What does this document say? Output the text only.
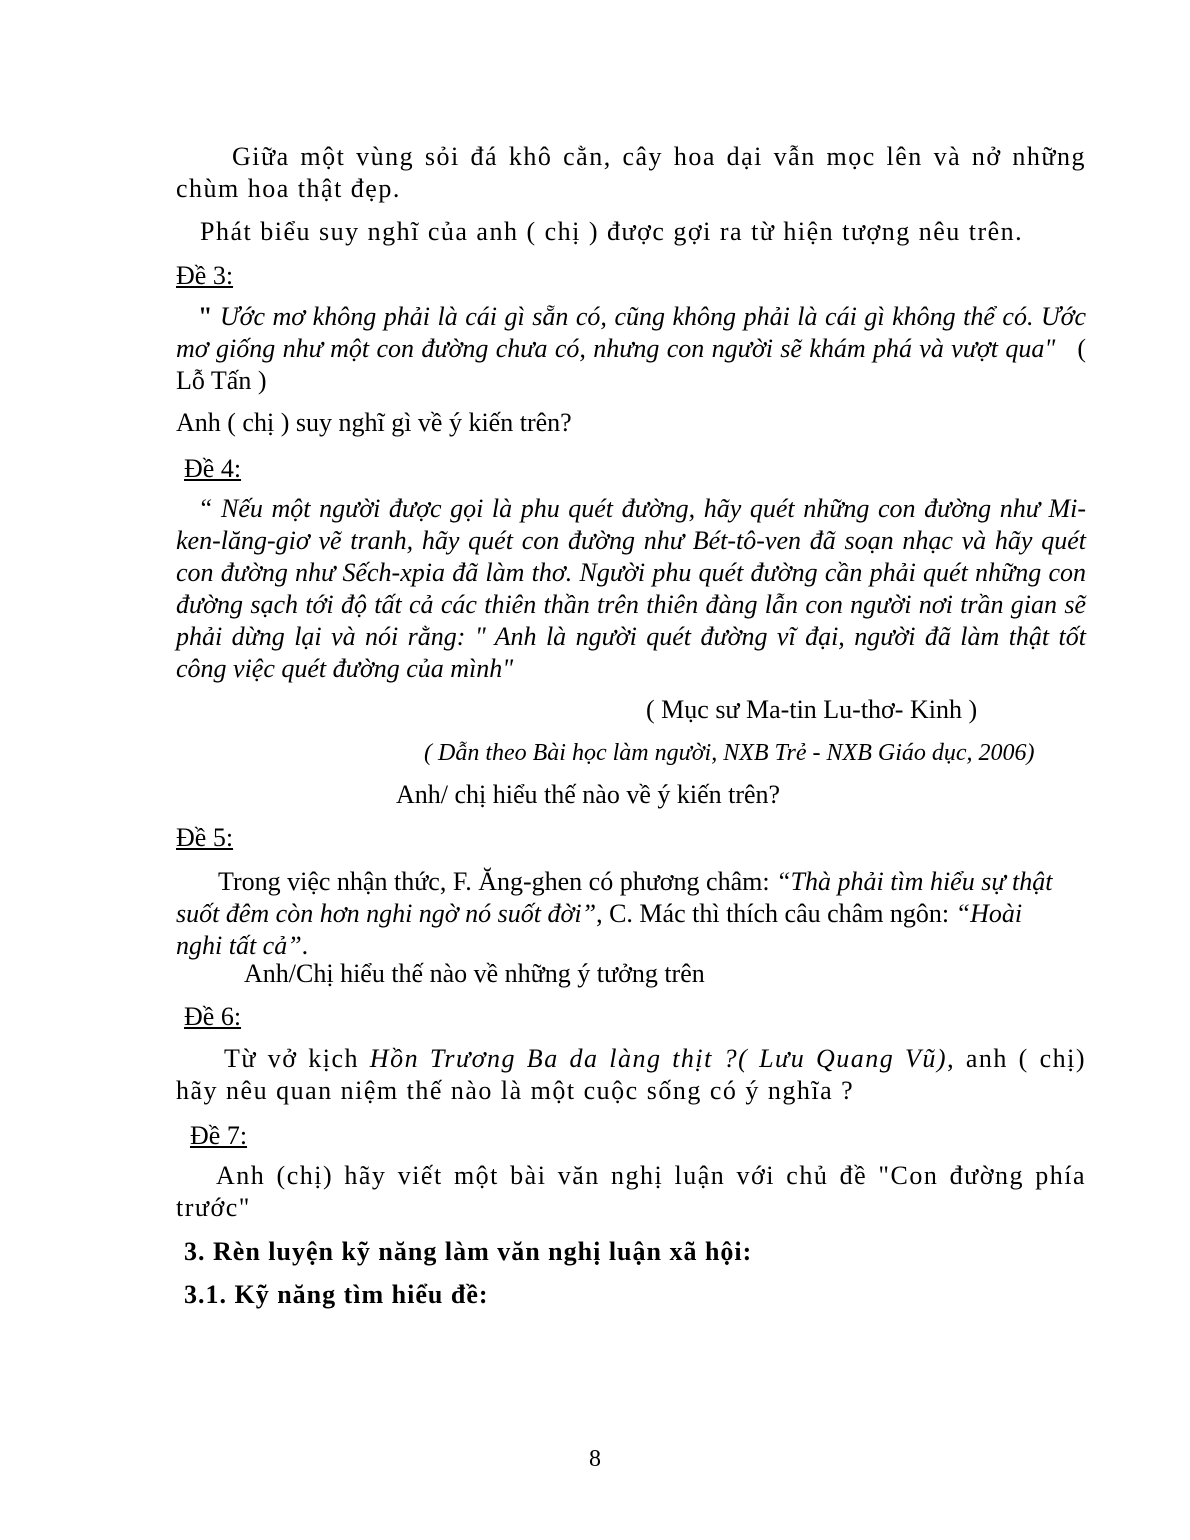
Giữa một vùng sỏi đá khô cằn, cây hoa dại vẫn mọc lên và nở những chùm hoa thật đẹp.

Phát biểu suy nghĩ của anh ( chị ) được gợi ra từ hiện tượng nêu trên.

Đề 3:

" Ước mơ không phải là cái gì sẵn có, cũng không phải là cái gì không thể có. Ước mơ giống như một con đường chưa có, nhưng con người sẽ khám phá và vượt qua" ( Lỗ Tấn )

Anh ( chị ) suy nghĩ gì về ý kiến trên?

Đề 4:

“ Nếu một người được gọi là phu quét đường, hãy quét những con đường như Mi-ken-lăng-giơ vẽ tranh, hãy quét con đường như Bét-tô-ven đã soạn nhạc và hãy quét con đường như Sếch-xpia đã làm thơ. Người phu quét đường cần phải quét những con đường sạch tới độ tất cả các thiên thần trên thiên đàng lẫn con người nơi trần gian sẽ phải dừng lại và nói rằng: " Anh là người quét đường vĩ đại, người đã làm thật tốt công việc quét đường của mình"

( Mục sư Ma-tin Lu-thơ- Kinh )

( Dẫn theo Bài học làm người, NXB Trẻ - NXB Giáo dục, 2006)

Anh/ chị hiểu thế nào về ý kiến trên?

Đề 5:

Trong việc nhận thức, F. Ăng-ghen có phương châm: “Thà phải tìm hiểu sự thật suốt đêm còn hơn nghi ngờ nó suốt đời”, C. Mác thì thích câu châm ngôn: “Hoài nghi tất cả”.

Anh/Chị hiểu thế nào về những ý tưởng trên

Đề 6:

Từ vở kịch Hồn Trương Ba da làng thịt ?( Lưu Quang Vũ), anh ( chị) hãy nêu quan niệm thế nào là một cuộc sống có ý nghĩa ?

Đề 7:

Anh (chị) hãy viết một bài văn nghị luận với chủ đề "Con đường phía trước"

3. Rèn luyện kỹ năng làm văn nghị luận xã hội:

3.1. Kỹ năng tìm hiểu đề:

8
